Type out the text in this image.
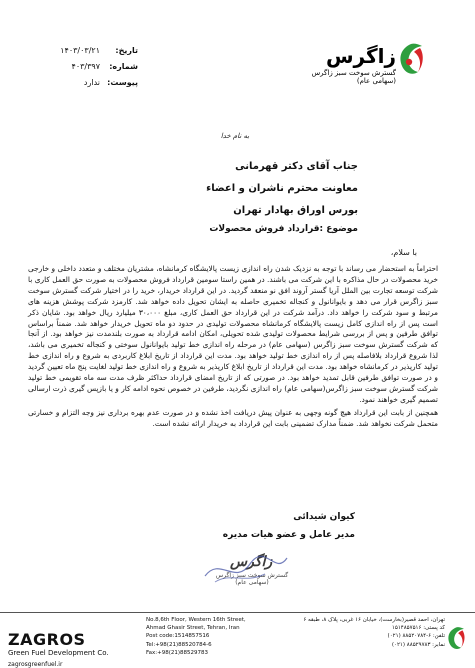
زاگرس
گسترش سوخت سبز زاگرس (سهامی عام)
تاریخ:
۱۴۰۳/۰۳/۲۱
شماره:
۴۰۳/۳۹۷
پیوست:
ندارد
به نام خدا
جناب آقای دکتر قهرمانی
معاونت محترم ناشران و اعضاء
بورس اوراق بهادار تهران
موضوع :قرارداد فروش محصولات
با سلام،

احتراماً به استحضار می رساند با توجه به نزدیک شدن راه اندازی زیست پالایشگاه کرمانشاه، مشتریان مختلف و متعدد داخلی و خارجی خرید محصولات در حال مذاکره با این شرکت می باشند. در همین راستا سومین قرارداد فروش محصولات به صورت حق العمل کاری با شرکت توسعه تجارت بین الملل آریا گستر آروند افق نو منعقد گردید. در این قرارداد خریدار، خرید را در اختیار شرکت گسترش سوخت سبز زاگرس قرار می دهد و بایوانانول و کنجاله تخمیری حاصله به ایشان تحویل داده خواهد شد. کارمزد شرکت پوشش هزینه های مرتبط و سود شرکت را خواهد داد. درآمد شرکت در این قرارداد حق العمل کاری، مبلغ ۳۰،۰۰۰ میلیارد ریال خواهد بود. شایان ذکر است پس از راه اندازی کامل زیست پالایشگاه کرمانشاه محصولات تولیدی در حدود دو ماه تحویل خریدار خواهد شد. ضمناً براساس توافق طرفین و پس از بررسی شرایط محصولات تولیدی شده تحویلی، امکان ادامه قرارداد به صورت بلندمدت نیز خواهد بود. از آنجا که شرکت گسترش سوخت سبز زاگرس (سهامی عام) در مرحله راه اندازی خط تولید بایوانانول سوختی و کنجاله تخمیری می باشد، لذا شروع قرارداد بلافاصله پس از راه اندازی خط تولید خواهد بود. مدت این قرارداد از تاریخ ابلاغ کاربردی به شروع و راه اندازی خط تولید کارپذیر در کرمانشاه خواهد بود. مدت این قرارداد از تاریخ ابلاغ کارپذیر به شروع و راه اندازی خط تولید لغایت پنج ماه تعیین گردید و در صورت توافق طرفین قابل تمدید خواهد بود. در صورتی که از تاریخ امضای قرارداد حداکثر ظرف مدت سه ماه تقویمی خط تولید شرکت گسترش سوخت سبز زاگرس(سهامی عام) راه اندازی نگردید، طرفین در خصوص نحوه ادامه کار و یا بازپس گیری ذرت ارسالی تصمیم گیری خواهند نمود.

همچنین از بابت این قرارداد هیچ گونه وجهی به عنوان پیش دریافت اخذ نشده و در صورت عدم بهره برداری نیز وجه التزام و خسارتی متحمل شرکت نخواهد شد. ضمناً مدارک تضمینی بابت این قرارداد به خریدار ارائه نشده است.

کیوان شیدائی
مدیر عامل و عضو هیات مدیره
زاگرس
گسترش سوخت سبز زاگرس (سهامی عام)
ZAGROS
Green Fuel Development Co.
zagrosgreenfuel.ir
No.8,6th Floor, Western 16th Street,
Ahmad Ghasir Street, Tehran, Iran
Post code:1514857516
Tel:+98(21)88520784-6
Fax:+98(21)88529783
تهران، احمد قصیر(بخارست)، خیابان ۱۶ غربی، پلاک ۸، طبقه ۶
کد پستی: ۱۵۱۴۸۵۷۵۱۶
تلفن: ۶-۸۸۵۲۰۷۸۴ (۰۲۱)
نمابر: ۸۸۵۲۹۷۸۳ (۰۲۱)
